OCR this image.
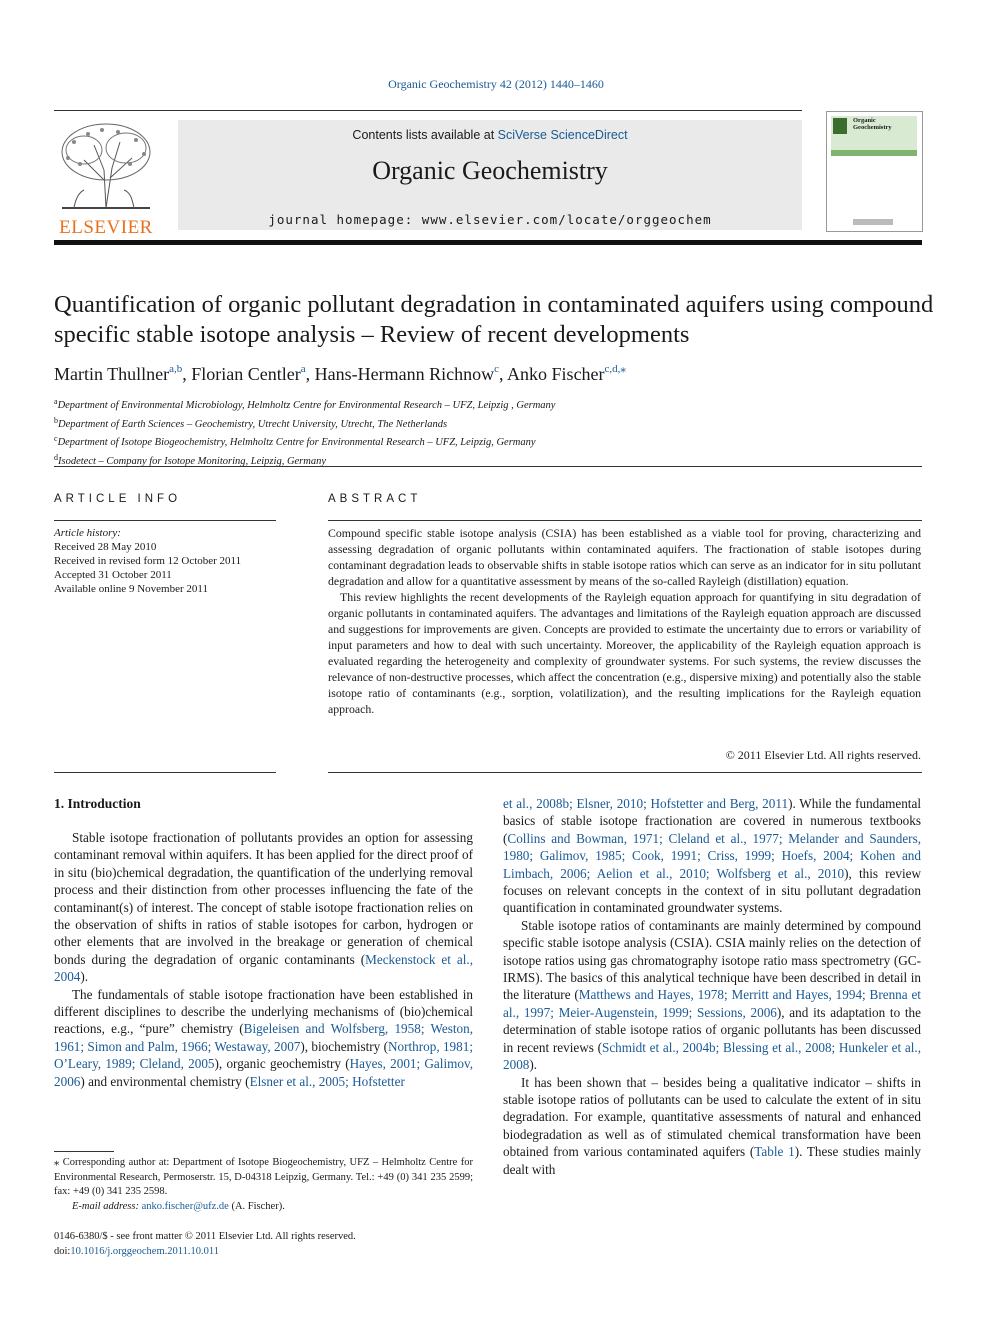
Organic Geochemistry 42 (2012) 1440–1460
ELSEVIER
Contents lists available at SciVerse ScienceDirect
Organic Geochemistry
journal homepage: www.elsevier.com/locate/orggeochem
Organic
Geochemistry
Quantification of organic pollutant degradation in contaminated aquifers using compound specific stable isotope analysis – Review of recent developments
Martin Thullner$^{a,b}$, Florian Centler$^a$, Hans-Hermann Richnow$^c$, Anko Fischer$^{c,d,⁎}$
$^a$Department of Environmental Microbiology, Helmholtz Centre for Environmental Research – UFZ, Leipzig , Germany
$^b$Department of Earth Sciences – Geochemistry, Utrecht University, Utrecht, The Netherlands
$^c$Department of Isotope Biogeochemistry, Helmholtz Centre for Environmental Research – UFZ, Leipzig, Germany
$^d$Isodetect – Company for Isotope Monitoring, Leipzig, Germany
ARTICLE INFO
Article history:
Received 28 May 2010
Received in revised form 12 October 2011
Accepted 31 October 2011
Available online 9 November 2011
ABSTRACT

Compound specific stable isotope analysis (CSIA) has been established as a viable tool for proving, characterizing and assessing degradation of organic pollutants within contaminated aquifers. The fractionation of stable isotopes during contaminant degradation leads to observable shifts in stable isotope ratios which can serve as an indicator for in situ pollutant degradation and allow for a quantitative assessment by means of the so-called Rayleigh (distillation) equation.

This review highlights the recent developments of the Rayleigh equation approach for quantifying in situ degradation of organic pollutants in contaminated aquifers. The advantages and limitations of the Rayleigh equation approach are discussed and suggestions for improvements are given. Concepts are provided to estimate the uncertainty due to errors or variability of input parameters and how to deal with such uncertainty. Moreover, the applicability of the Rayleigh equation approach is evaluated regarding the heterogeneity and complexity of groundwater systems. For such systems, the review discusses the relevance of non-destructive processes, which affect the concentration (e.g., dispersive mixing) and potentially also the stable isotope ratio of contaminants (e.g., sorption, volatilization), and the resulting implications for the Rayleigh equation approach.

© 2011 Elsevier Ltd. All rights reserved.
1. Introduction

Stable isotope fractionation of pollutants provides an option for assessing contaminant removal within aquifers. It has been applied for the direct proof of in situ (bio)chemical degradation, the quantification of the underlying removal process and their distinction from other processes influencing the fate of the contaminant(s) of interest. The concept of stable isotope fractionation relies on the observation of shifts in ratios of stable isotopes for carbon, hydrogen or other elements that are involved in the breakage or generation of chemical bonds during the degradation of organic contaminants (Meckenstock et al., 2004).

The fundamentals of stable isotope fractionation have been established in different disciplines to describe the underlying mechanisms of (bio)chemical reactions, e.g., “pure” chemistry (Bigeleisen and Wolfsberg, 1958; Weston, 1961; Simon and Palm, 1966; Westaway, 2007), biochemistry (Northrop, 1981; O’Leary, 1989; Cleland, 2005), organic geochemistry (Hayes, 2001; Galimov, 2006) and environmental chemistry (Elsner et al., 2005; Hofstetter

et al., 2008b; Elsner, 2010; Hofstetter and Berg, 2011). While the fundamental basics of stable isotope fractionation are covered in numerous textbooks (Collins and Bowman, 1971; Cleland et al., 1977; Melander and Saunders, 1980; Galimov, 1985; Cook, 1991; Criss, 1999; Hoefs, 2004; Kohen and Limbach, 2006; Aelion et al., 2010; Wolfsberg et al., 2010), this review focuses on relevant concepts in the context of in situ pollutant degradation quantification in contaminated groundwater systems.

Stable isotope ratios of contaminants are mainly determined by compound specific stable isotope analysis (CSIA). CSIA mainly relies on the detection of isotope ratios using gas chromatography isotope ratio mass spectrometry (GC-IRMS). The basics of this analytical technique have been described in detail in the literature (Matthews and Hayes, 1978; Merritt and Hayes, 1994; Brenna et al., 1997; Meier-Augenstein, 1999; Sessions, 2006), and its adaptation to the determination of stable isotope ratios of organic pollutants has been discussed in recent reviews (Schmidt et al., 2004b; Blessing et al., 2008; Hunkeler et al., 2008).

It has been shown that – besides being a qualitative indicator – shifts in stable isotope ratios of pollutants can be used to calculate the extent of in situ degradation. For example, quantitative assessments of natural and enhanced biodegradation as well as of stimulated chemical transformation have been obtained from various contaminated aquifers (Table 1). These studies mainly dealt with

⁎ Corresponding author at: Department of Isotope Biogeochemistry, UFZ – Helmholtz Centre for Environmental Research, Permoserstr. 15, D-04318 Leipzig, Germany. Tel.: +49 (0) 341 235 2599; fax: +49 (0) 341 235 2598.
E-mail address: anko.fischer@ufz.de (A. Fischer).
0146-6380/$ - see front matter © 2011 Elsevier Ltd. All rights reserved.
doi:10.1016/j.orggeochem.2011.10.011
